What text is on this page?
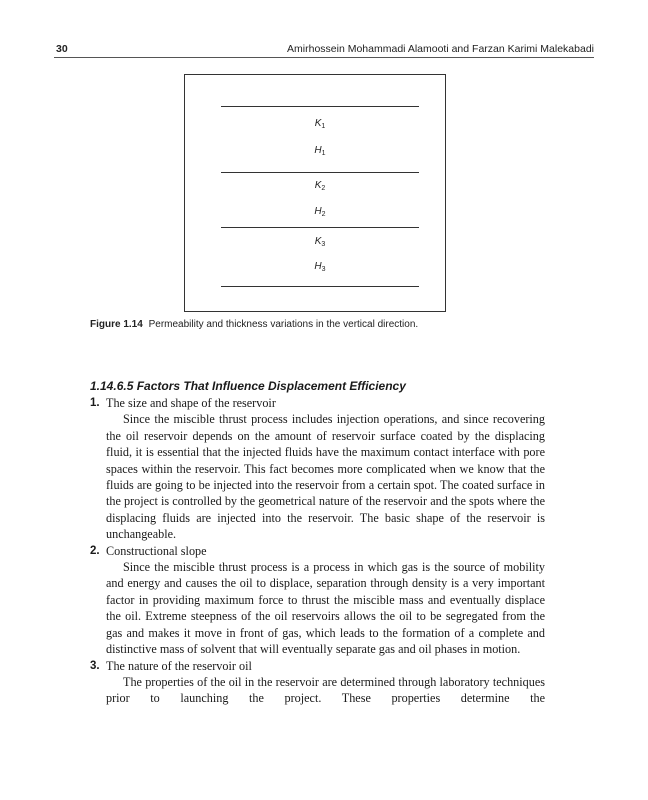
30	Amirhossein Mohammadi Alamooti and Farzan Karimi Malekabadi
$K_1$
$H_1$
$K_2$
$H_2$
$K_3$
$H_3$
Figure 1.14 Permeability and thickness variations in the vertical direction.
1.14.6.5 Factors That Influence Displacement Efficiency
1. The size and shape of the reservoir

Since the miscible thrust process includes injection operations, and since recovering the oil reservoir depends on the amount of reservoir surface coated by the displacing fluid, it is essential that the injected fluids have the maximum contact interface with pore spaces within the reservoir. This fact becomes more complicated when we know that the fluids are going to be injected into the reservoir from a certain spot. The coated surface in the project is controlled by the geometrical nature of the reservoir and the spots where the displacing fluids are injected into the reservoir. The basic shape of the reservoir is unchangeable.

2. Constructional slope

Since the miscible thrust process is a process in which gas is the source of mobility and energy and causes the oil to displace, separation through density is a very important factor in providing maximum force to thrust the miscible mass and eventually displace the oil. Extreme steepness of the oil reservoirs allows the oil to be segregated from the gas and makes it move in front of gas, which leads to the formation of a complete and distinctive mass of solvent that will eventually separate gas and oil phases in motion.

3. The nature of the reservoir oil

The properties of the oil in the reservoir are determined through laboratory techniques prior to launching the project. These properties determine the
